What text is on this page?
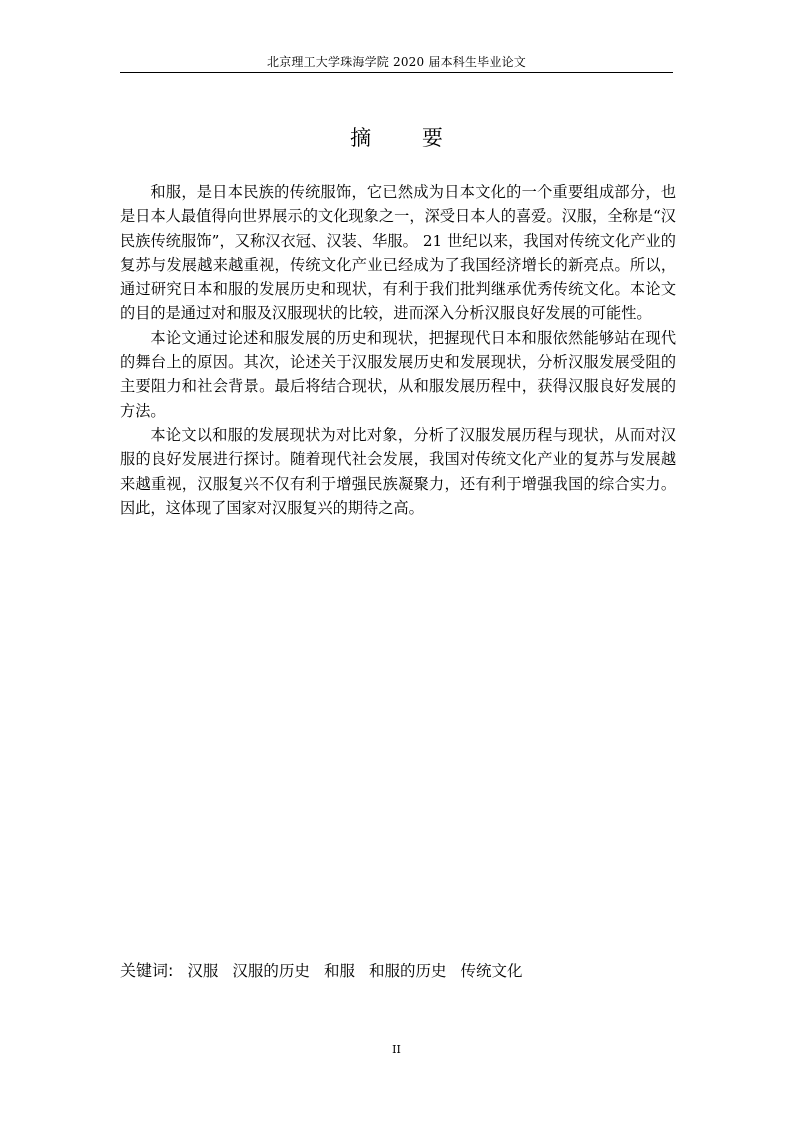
北京理工大学珠海学院 2020 届本科生毕业论文
摘 要

和服，是日本民族的传统服饰，它已然成为日本文化的一个重要组成部分，也是日本人最值得向世界展示的文化现象之一，深受日本人的喜爱。汉服，全称是“汉民族传统服饰”，又称汉衣冠、汉装、华服。 21 世纪以来，我国对传统文化产业的复苏与发展越来越重视，传统文化产业已经成为了我国经济增长的新亮点。所以，通过研究日本和服的发展历史和现状，有利于我们批判继承优秀传统文化。本论文的目的是通过对和服及汉服现状的比较，进而深入分析汉服良好发展的可能性。

本论文通过论述和服发展的历史和现状，把握现代日本和服依然能够站在现代的舞台上的原因。其次，论述关于汉服发展历史和发展现状，分析汉服发展受阻的主要阻力和社会背景。最后将结合现状，从和服发展历程中，获得汉服良好发展的方法。

本论文以和服的发展现状为对比对象，分析了汉服发展历程与现状，从而对汉服的良好发展进行探讨。随着现代社会发展，我国对传统文化产业的复苏与发展越来越重视，汉服复兴不仅有利于增强民族凝聚力，还有利于增强我国的综合实力。因此，这体现了国家对汉服复兴的期待之高。

关键词: 汉服 汉服的历史 和服 和服的历史 传统文化
II
